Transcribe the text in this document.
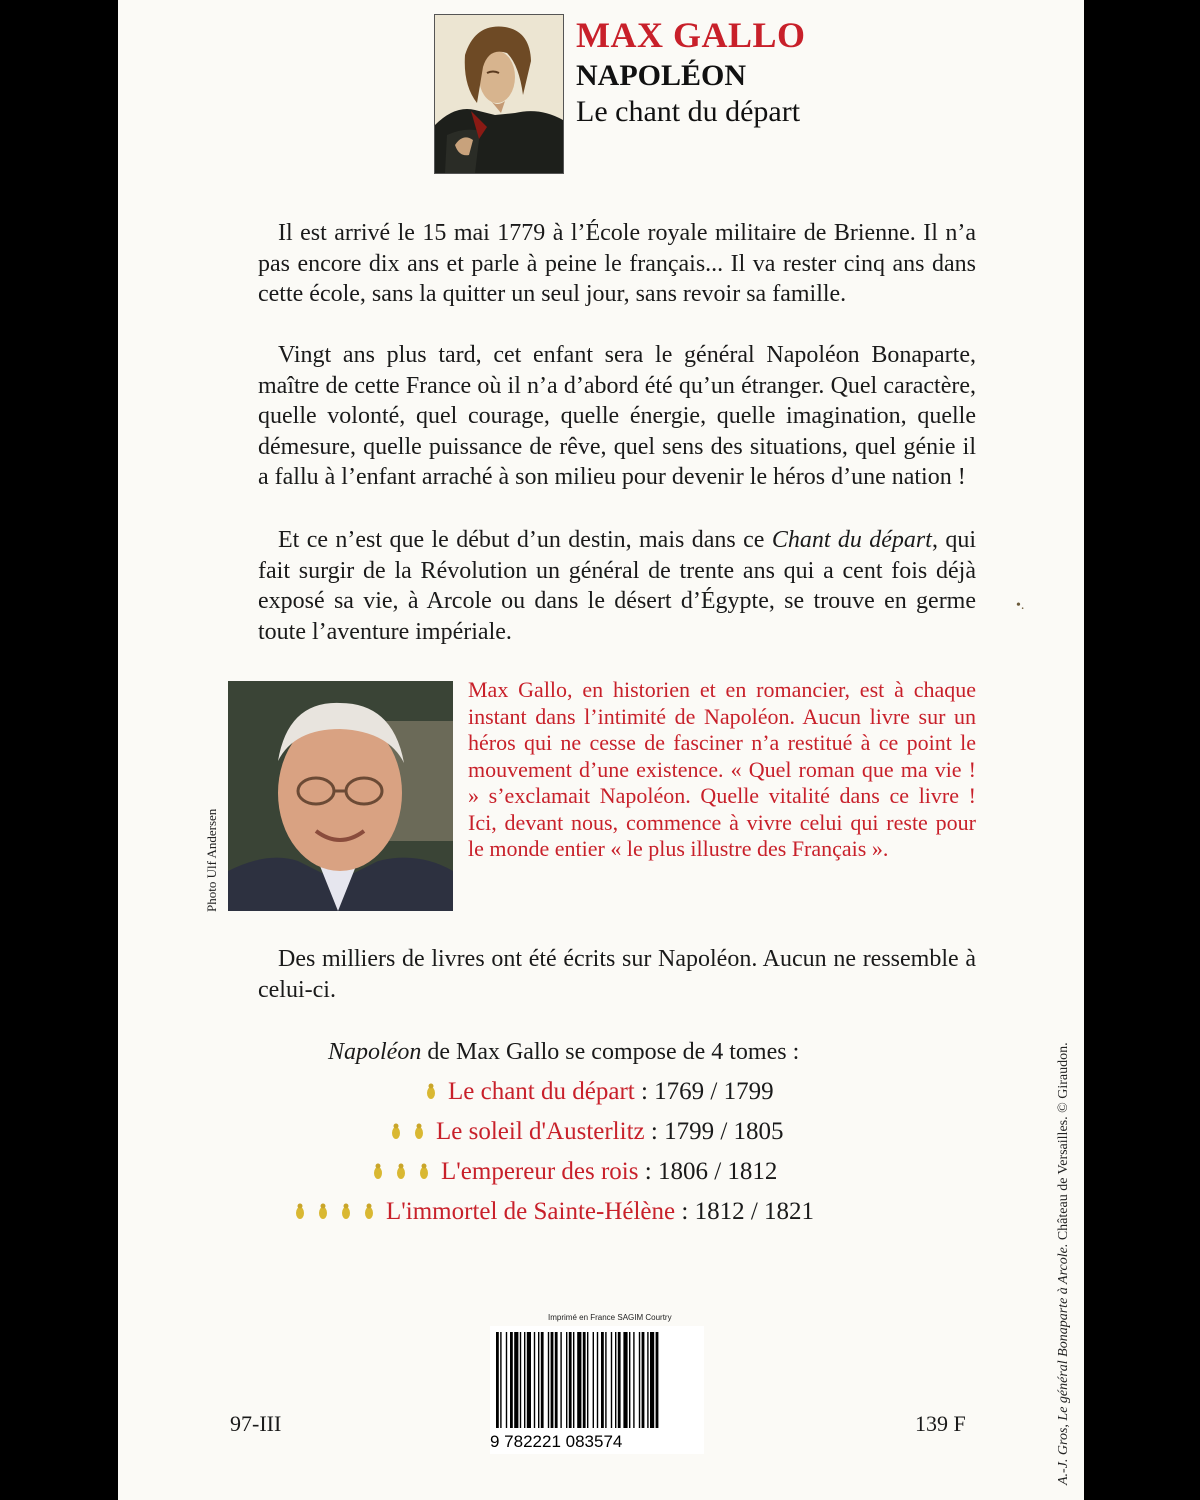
MAX GALLO
NAPOLÉON
Le chant du départ

Il est arrivé le 15 mai 1779 à l’École royale militaire de Brienne. Il n’a pas encore dix ans et parle à peine le français... Il va rester cinq ans dans cette école, sans la quitter un seul jour, sans revoir sa famille.

Vingt ans plus tard, cet enfant sera le général Napoléon Bonaparte, maître de cette France où il n’a d’abord été qu’un étranger. Quel caractère, quelle volonté, quel courage, quelle énergie, quelle imagination, quelle démesure, quelle puissance de rêve, quel sens des situations, quel génie il a fallu à l’enfant arraché à son milieu pour devenir le héros d’une nation !

Et ce n’est que le début d’un destin, mais dans ce Chant du départ, qui fait surgir de la Révolution un général de trente ans qui a cent fois déjà exposé sa vie, à Arcole ou dans le désert d’Égypte, se trouve en germe toute l’aventure impériale.

•.
Photo Ulf Andersen

Max Gallo, en historien et en romancier, est à chaque instant dans l’intimité de Napoléon. Aucun livre sur un héros qui ne cesse de fasciner n’a restitué à ce point le mouvement d’une existence. « Quel roman que ma vie ! » s’exclamait Napoléon. Quelle vitalité dans ce livre ! Ici, devant nous, commence à vivre celui qui reste pour le monde entier « le plus illustre des Français ».

Des milliers de livres ont été écrits sur Napoléon. Aucun ne ressemble à celui-ci.

Napoléon de Max Gallo se compose de 4 tomes :
Le chant du départ : 1769 / 1799
Le soleil d'Austerlitz : 1799 / 1805
L'empereur des rois : 1806 / 1812
L'immortel de Sainte-Hélène : 1812 / 1821
Imprimé en France SAGIM Courtry
9 782221 083574
97-III	139 F	A.-J. Gros, Le général Bonaparte à Arcole. Château de Versailles. © Giraudon.
